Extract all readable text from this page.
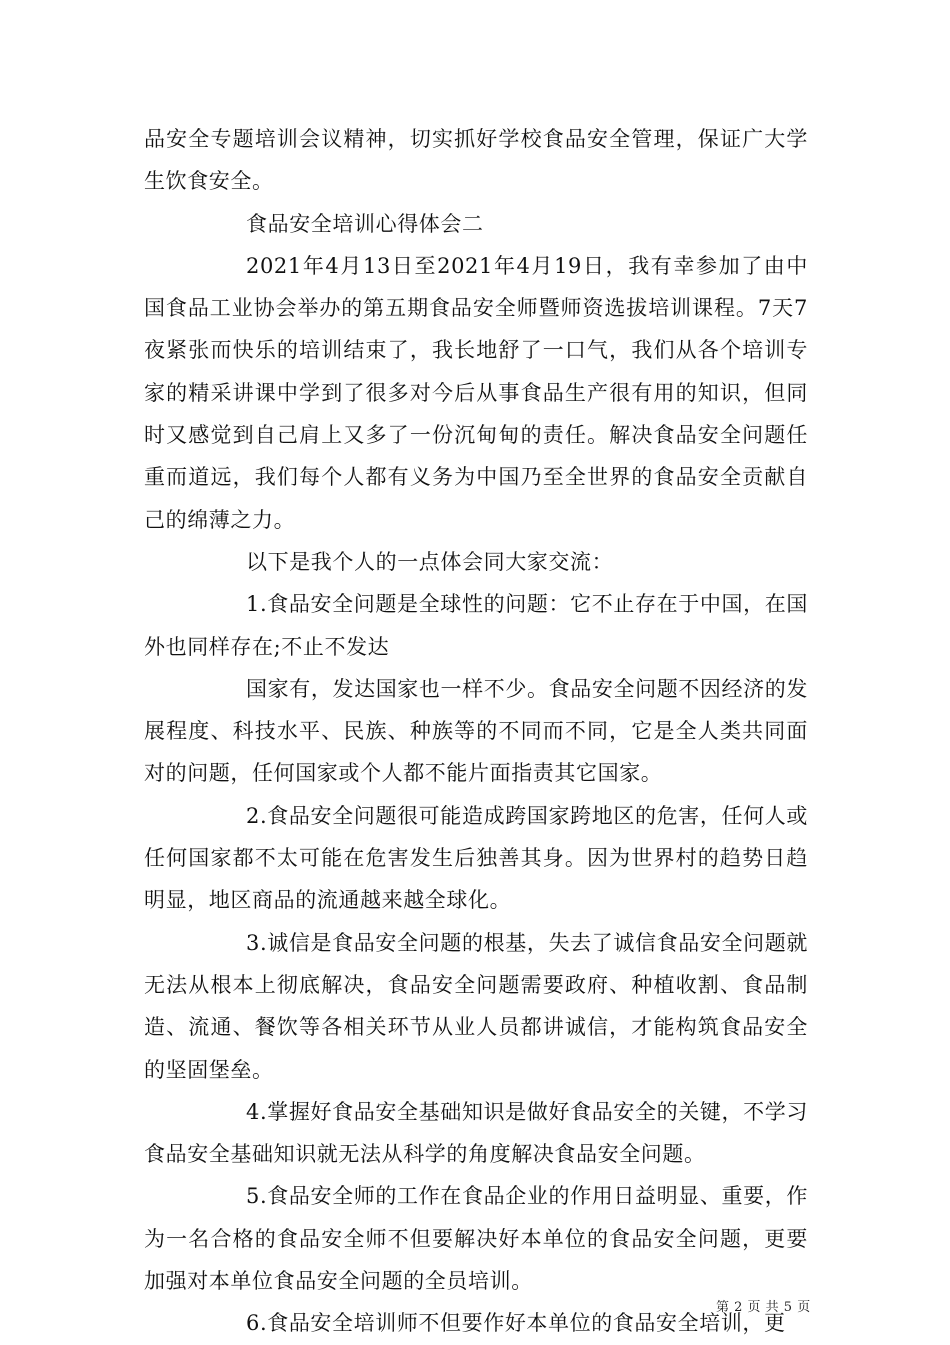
品安全专题培训会议精神，切实抓好学校食品安全管理，保证广大学生饮食安全。

食品安全培训心得体会二

2021年4月13日至2021年4月19日，我有幸参加了由中国食品工业协会举办的第五期食品安全师暨师资选拔培训课程。7天7夜紧张而快乐的培训结束了，我长地舒了一口气，我们从各个培训专家的精采讲课中学到了很多对今后从事食品生产很有用的知识，但同时又感觉到自己肩上又多了一份沉甸甸的责任。解决食品安全问题任重而道远，我们每个人都有义务为中国乃至全世界的食品安全贡献自己的绵薄之力。

以下是我个人的一点体会同大家交流：

1.食品安全问题是全球性的问题：它不止存在于中国，在国外也同样存在;不止不发达

国家有，发达国家也一样不少。食品安全问题不因经济的发展程度、科技水平、民族、种族等的不同而不同，它是全人类共同面对的问题，任何国家或个人都不能片面指责其它国家。

2.食品安全问题很可能造成跨国家跨地区的危害，任何人或任何国家都不太可能在危害发生后独善其身。因为世界村的趋势日趋明显，地区商品的流通越来越全球化。

3.诚信是食品安全问题的根基，失去了诚信食品安全问题就无法从根本上彻底解决，食品安全问题需要政府、种植收割、食品制造、流通、餐饮等各相关环节从业人员都讲诚信，才能构筑食品安全的坚固堡垒。

4.掌握好食品安全基础知识是做好食品安全的关键，不学习食品安全基础知识就无法从科学的角度解决食品安全问题。

5.食品安全师的工作在食品企业的作用日益明显、重要，作为一名合格的食品安全师不但要解决好本单位的食品安全问题，更要加强对本单位食品安全问题的全员培训。

6.食品安全培训师不但要作好本单位的食品安全培训，更

第 2 页 共 5 页
